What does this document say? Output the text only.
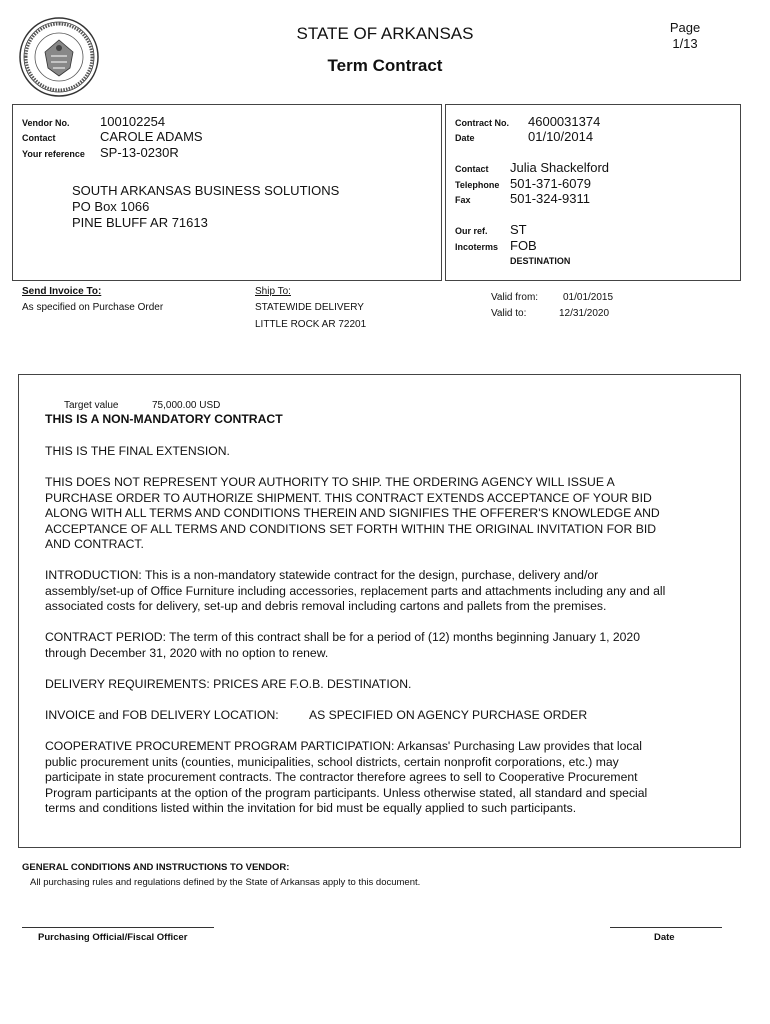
STATE OF ARKANSAS
Term Contract
Page
1/13
Vendor No.	100102254
Contact	CAROLE ADAMS
Your reference	SP-13-0230R
SOUTH ARKANSAS BUSINESS SOLUTIONS
PO Box 1066
PINE BLUFF AR 71613
Contract No.	4600031374
Date	01/10/2014
Contact	Julia Shackelford
Telephone 501-371-6079
Fax	501-324-9311
Our ref.	ST
Incoterms FOB
DESTINATION
Send Invoice To:
As specified on Purchase Order
Ship To:
STATEWIDE DELIVERY
LITTLE ROCK AR 72201
Valid from:	01/01/2015
Valid to:	12/31/2020
Target value	75,000.00 USD

THIS IS A NON-MANDATORY CONTRACT

THIS IS THE FINAL EXTENSION.

THIS DOES NOT REPRESENT YOUR AUTHORITY TO SHIP. THE ORDERING AGENCY WILL ISSUE A
PURCHASE ORDER TO AUTHORIZE SHIPMENT. THIS CONTRACT EXTENDS ACCEPTANCE OF YOUR BID
ALONG WITH ALL TERMS AND CONDITIONS THEREIN AND SIGNIFIES THE OFFERER'S KNOWLEDGE AND
ACCEPTANCE OF ALL TERMS AND CONDITIONS SET FORTH WITHIN THE ORIGINAL INVITATION FOR BID
AND CONTRACT.
INTRODUCTION: This is a non-mandatory statewide contract for the design, purchase, delivery and/or
assembly/set-up of Office Furniture including accessories, replacement parts and attachments including any and all
associated costs for delivery, set-up and debris removal including cartons and pallets from the premises.
CONTRACT PERIOD: The term of this contract shall be for a period of (12) months beginning January 1, 2020
through December 31, 2020 with no option to renew.

DELIVERY REQUIREMENTS: PRICES ARE F.O.B. DESTINATION.

INVOICE and FOB DELIVERY LOCATION:	AS SPECIFIED ON AGENCY PURCHASE ORDER
COOPERATIVE PROCUREMENT PROGRAM PARTICIPATION: Arkansas' Purchasing Law provides that local
public procurement units (counties, municipalities, school districts, certain nonprofit corporations, etc.) may
participate in state procurement contracts. The contractor therefore agrees to sell to Cooperative Procurement
Program participants at the option of the program participants. Unless otherwise stated, all standard and special
terms and conditions listed within the invitation for bid must be equally applied to such participants.
GENERAL CONDITIONS AND INSTRUCTIONS TO VENDOR:
All purchasing rules and regulations defined by the State of Arkansas apply to this document.
Purchasing Official/Fiscal Officer	Date
